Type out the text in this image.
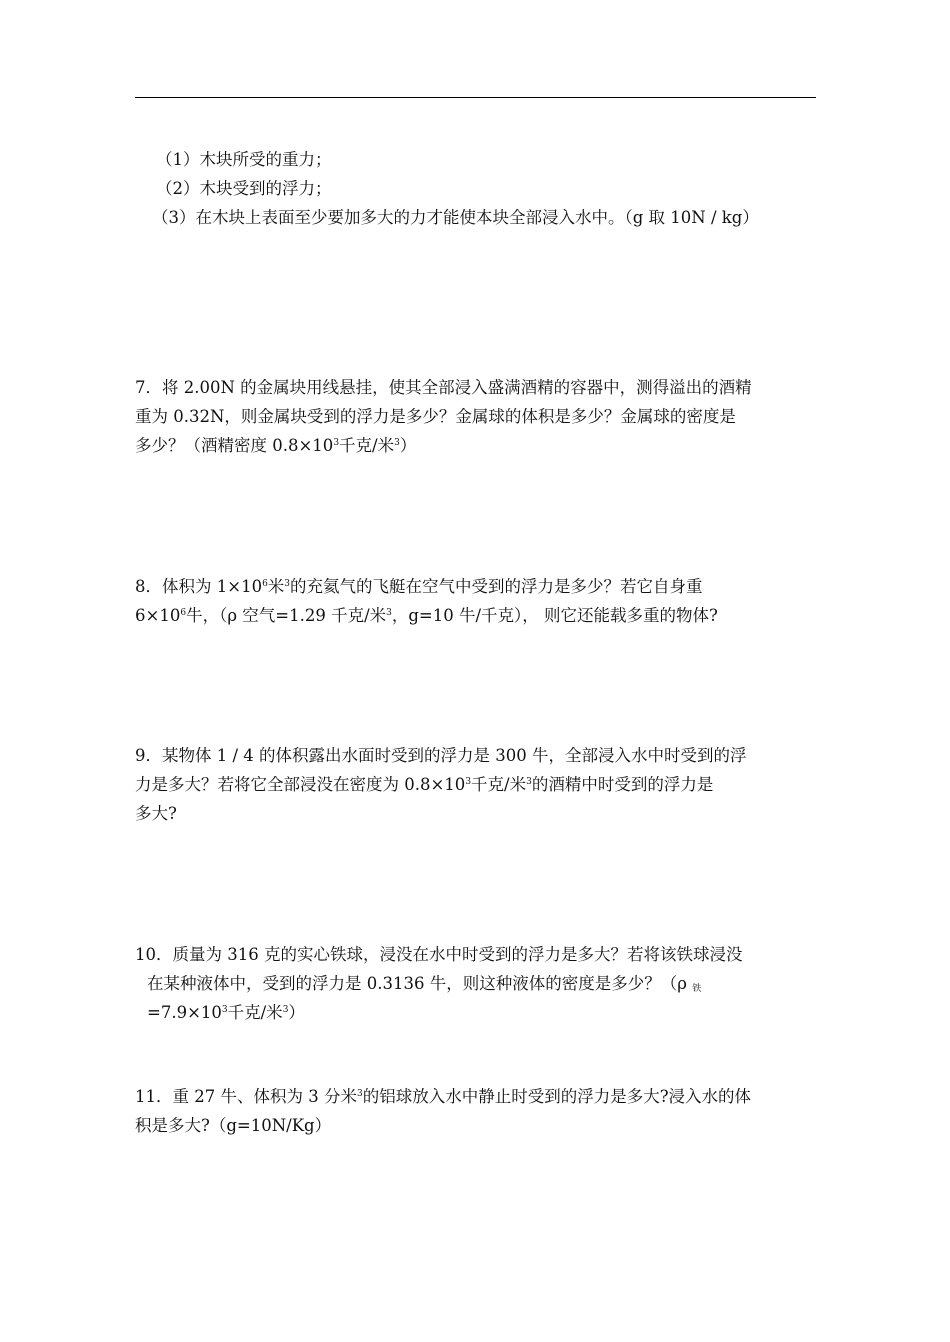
（1）木块所受的重力；
（2）木块受到的浮力；
（3）在木块上表面至少要加多大的力才能使本块全部浸入水中。（g 取 10N / kg）
7．将 2.00N 的金属块用线悬挂，使其全部浸入盛满酒精的容器中，测得溢出的酒精
重为 0.32N，则金属块受到的浮力是多少？金属球的体积是多少？金属球的密度是
多少？（酒精密度 $0.8\times 10^3$千克/米$^3$）
8．体积为 $1\times 10^6$米$^3$的充氦气的飞艇在空气中受到的浮力是多少？若它自身重
$6\times 10^6$牛，（ρ 空气=1.29 千克/米$^3$，g=10 牛/千克）， 则它还能载多重的物体?
9．某物体 1 / 4 的体积露出水面时受到的浮力是 300 牛，全部浸入水中时受到的浮
力是多大？若将它全部浸没在密度为 $0.8\times 10^3$千克/米$^3$的酒精中时受到的浮力是
多大?
10．质量为 316 克的实心铁球，浸没在水中时受到的浮力是多大？若将该铁球浸没
在某种液体中，受到的浮力是 0.3136 牛，则这种液体的密度是多少？（ρ $_铁$
$=7.9\times 10^3$千克/米$^3$）
11．重 27 牛、体积为 3 分米$^3$的铝球放入水中静止时受到的浮力是多大?浸入水的体
积是多大?（g=10N/Kg）
